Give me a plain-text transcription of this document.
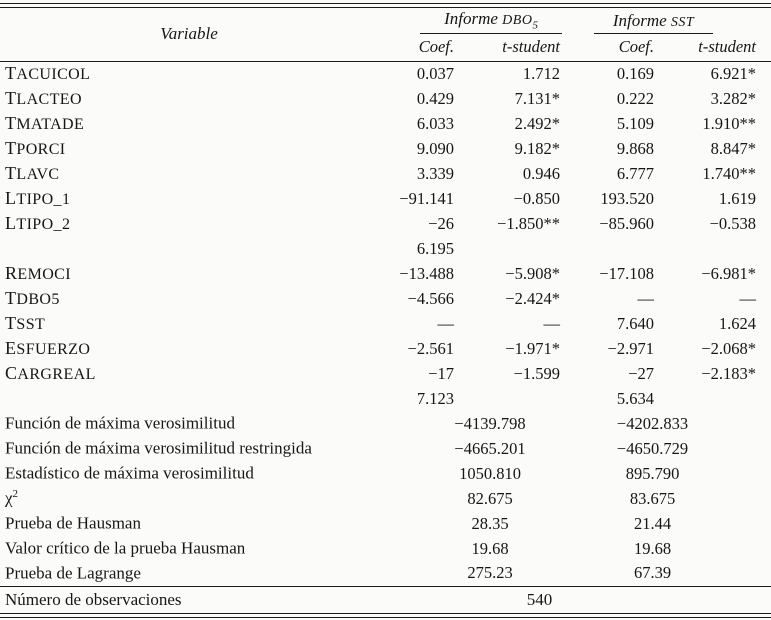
Variable	Informe $DBO_5$			Informe SST	

	Coef.	t-student		Coef.	t-student
TACUICOL	0.037	1.712		0.169	6.921*
TLACTEO	0.429	7.131*		0.222	3.282*
TMATADE	6.033	2.492*		5.109	1.910**
TPORCI	9.090	9.182*		9.868	8.847*
TLAVC	3.339	0.946		6.777	1.740**
LTIPO_1	−91.141	−0.850		193.520	1.619
LTIPO_2	−26	−1.850**		−85.960	−0.538
	6.195				
REMOCI	−13.488	−5.908*		−17.108	−6.981*
TDBO5	−4.566	−2.424*		—	—
TSST	—	—		7.640	1.624
ESFUERZO	−2.561	−1.971*		−2.971	−2.068*
CARGREAL	−17	−1.599		−27	−2.183*
	7.123			5.634	
Función de máxima verosimilitud	−4139.798			−4202.833	
Función de máxima verosimilitud restringida	−4665.201			−4650.729	
Estadístico de máxima verosimilitud	1050.810			895.790	
$\chi^2$	82.675			83.675	
Prueba de Hausman	28.35			21.44	
Valor crítico de la prueba Hausman	19.68			19.68	
Prueba de Lagrange	275.23			67.39	
Número de observaciones	540				
